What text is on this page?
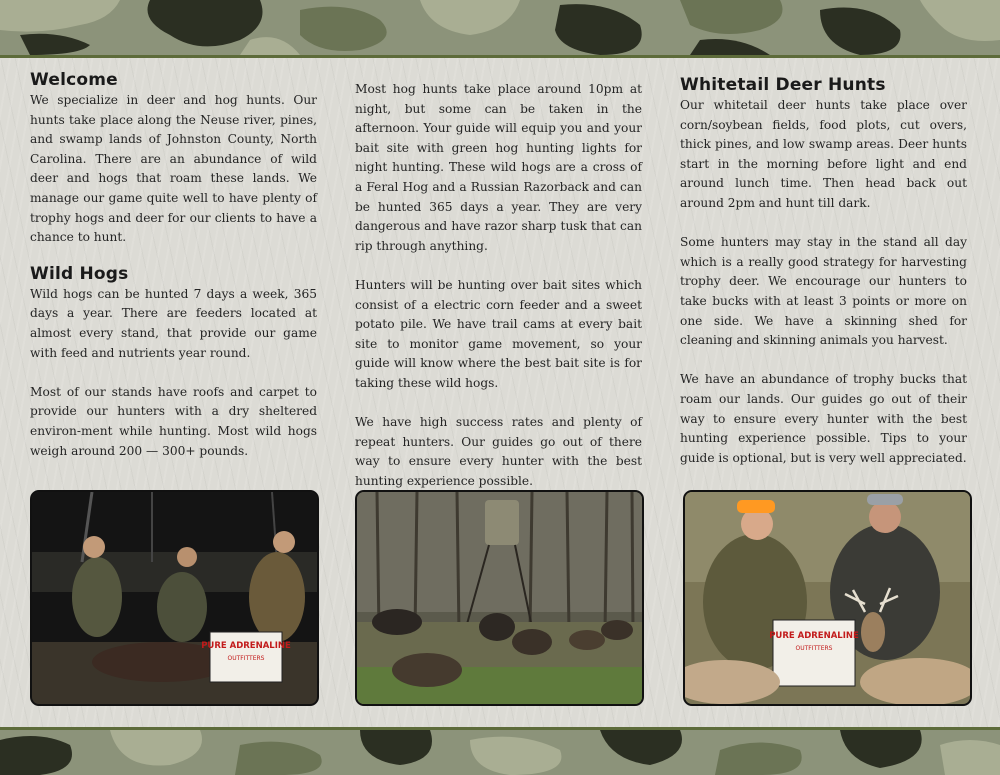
Welcome

We specialize in deer and hog hunts. Our hunts take place along the Neuse river, pines, and swamp lands of Johnston County, North Carolina. There are an abundance of wild deer and hogs that roam these lands. We manage our game quite well to have plenty of trophy hogs and deer for our clients to have a chance to hunt.

Wild Hogs

Wild hogs can be hunted 7 days a week, 365 days a year. There are feeders located at almost every stand, that provide our game with feed and nutrients year round.

Most of our stands have roofs and carpet to provide our hunters with a dry sheltered environ-ment while hunting. Most wild hogs weigh around 200 — 300+ pounds.

Most hog hunts take place around 10pm at night, but some can be taken in the afternoon. Your guide will equip you and your bait site with green hog hunting lights for night hunting. These wild hogs are a cross of a Feral Hog and a Russian Razorback and can be hunted 365 days a year. They are very dangerous and have razor sharp tusk that can rip through anything.

Hunters will be hunting over bait sites which consist of a electric corn feeder and a sweet potato pile. We have trail cams at every bait site to monitor game movement, so your guide will know where the best bait site is for taking these wild hogs.

We have high success rates and plenty of repeat hunters. Our guides go out of there way to ensure every hunter with the best hunting experience possible.

Whitetail Deer Hunts

Our whitetail deer hunts take place over corn/soybean fields, food plots, cut overs, thick pines, and low swamp areas. Deer hunts start in the morning before light and end around lunch time. Then head back out around 2pm and hunt till dark.

Some hunters may stay in the stand all day which is a really good strategy for harvesting trophy deer. We encourage our hunters to take bucks with at least 3 points or more on one side. We have a skinning shed for cleaning and skinning animals you harvest.

We have an abundance of trophy bucks that roam our lands. Our guides go out of their way to ensure every hunter with the best hunting experience possible. Tips to your guide is optional, but is very well appreciated.

PURE ADRENALINE
OUTFITTERS
PURE ADRENALINE
OUTFITTERS
